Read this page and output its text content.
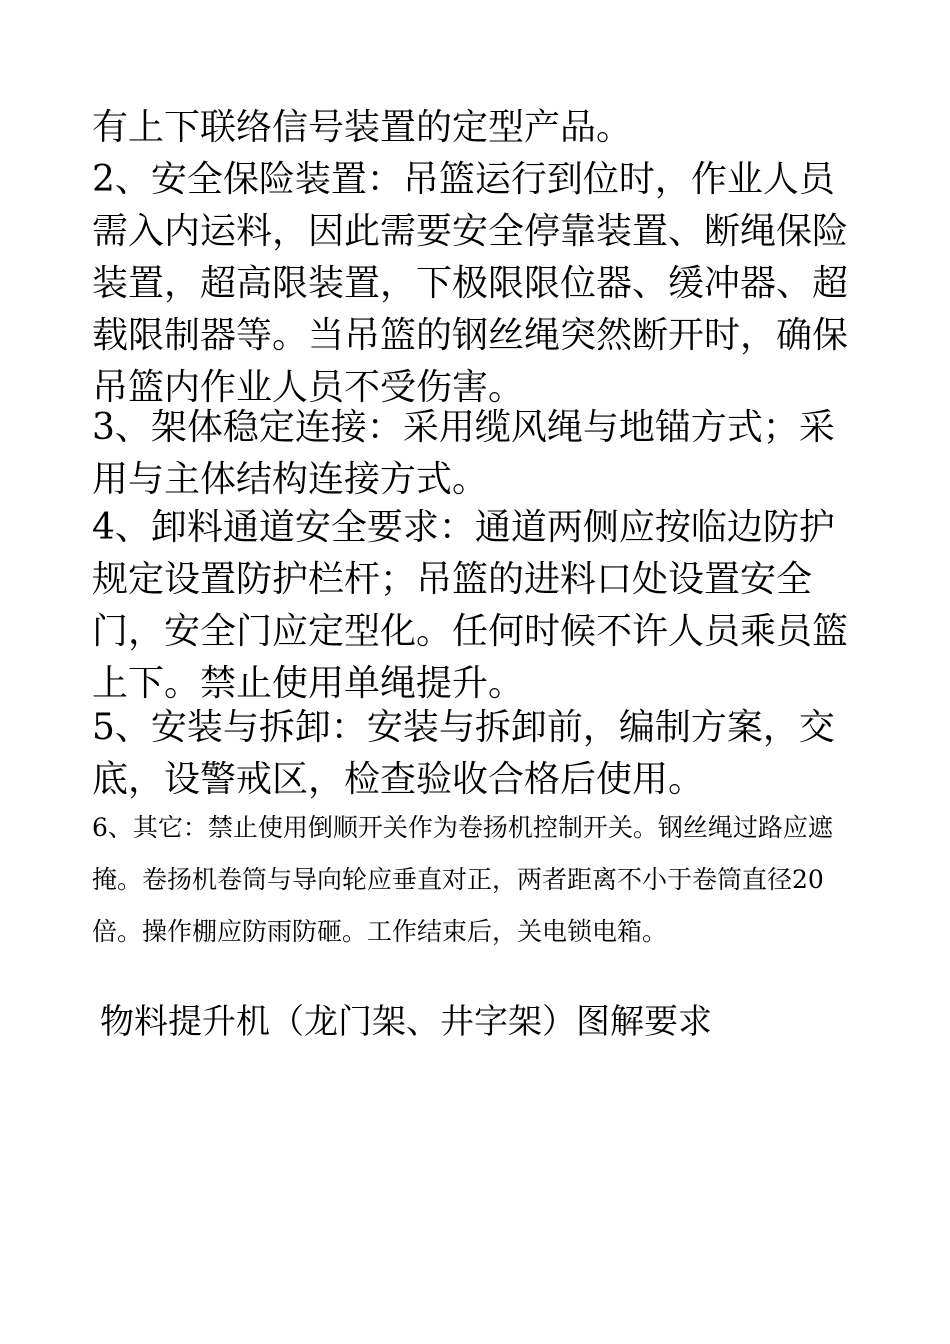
有上下联络信号装置的定型产品。

2、安全保险装置：吊篮运行到位时，作业人员需入内运料，因此需要安全停靠装置、断绳保险装置，超高限装置，下极限限位器、缓冲器、超载限制器等。当吊篮的钢丝绳突然断开时，确保吊篮内作业人员不受伤害。

3、架体稳定连接：采用缆风绳与地锚方式；采用与主体结构连接方式。

4、卸料通道安全要求：通道两侧应按临边防护规定设置防护栏杆；吊篮的进料口处设置安全门，安全门应定型化。任何时候不许人员乘员篮上下。禁止使用单绳提升。

5、安装与拆卸：安装与拆卸前，编制方案，交底，设警戒区，检查验收合格后使用。

6、其它：禁止使用倒顺开关作为卷扬机控制开关。钢丝绳过路应遮掩。卷扬机卷筒与导向轮应垂直对正，两者距离不小于卷筒直径20倍。操作棚应防雨防砸。工作结束后，关电锁电箱。

物料提升机（龙门架、井字架）图解要求
